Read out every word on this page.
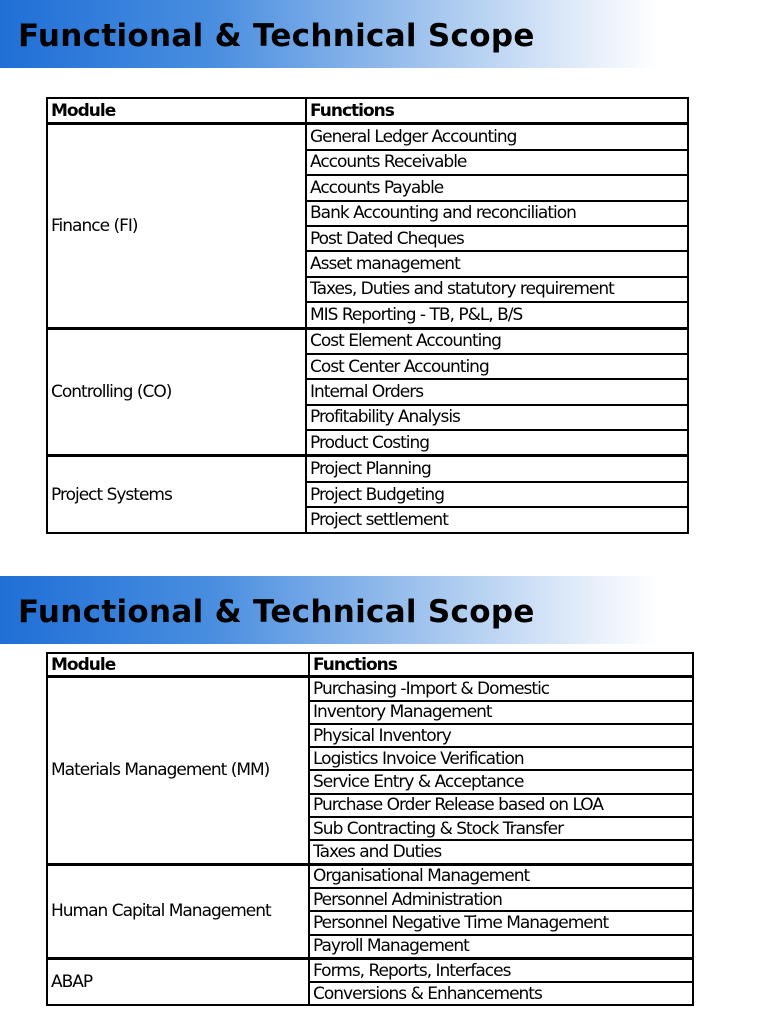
Functional & Technical Scope
Module	Functions
Finance (FI)	General Ledger Accounting
	Accounts Receivable
	Accounts Payable
	Bank Accounting and reconciliation
	Post Dated Cheques
	Asset management
	Taxes, Duties and statutory requirement
	MIS Reporting - TB, P&L, B/S
Controlling (CO)	Cost Element Accounting
	Cost Center Accounting
	Internal Orders
	Profitability Analysis
	Product Costing
Project Systems	Project Planning
	Project Budgeting
	Project settlement
Module	Functions
Materials Management (MM)	Purchasing -Import & Domestic
	Inventory Management
	Physical Inventory
	Logistics Invoice Verification
	Service Entry & Acceptance
	Purchase Order Release based on LOA
	Sub Contracting & Stock Transfer
	Taxes and Duties
Human Capital Management	Organisational Management
	Personnel Administration
	Personnel Negative Time Management
	Payroll Management
ABAP	Forms, Reports, Interfaces
	Conversions & Enhancements
Functional & Technical Scope
